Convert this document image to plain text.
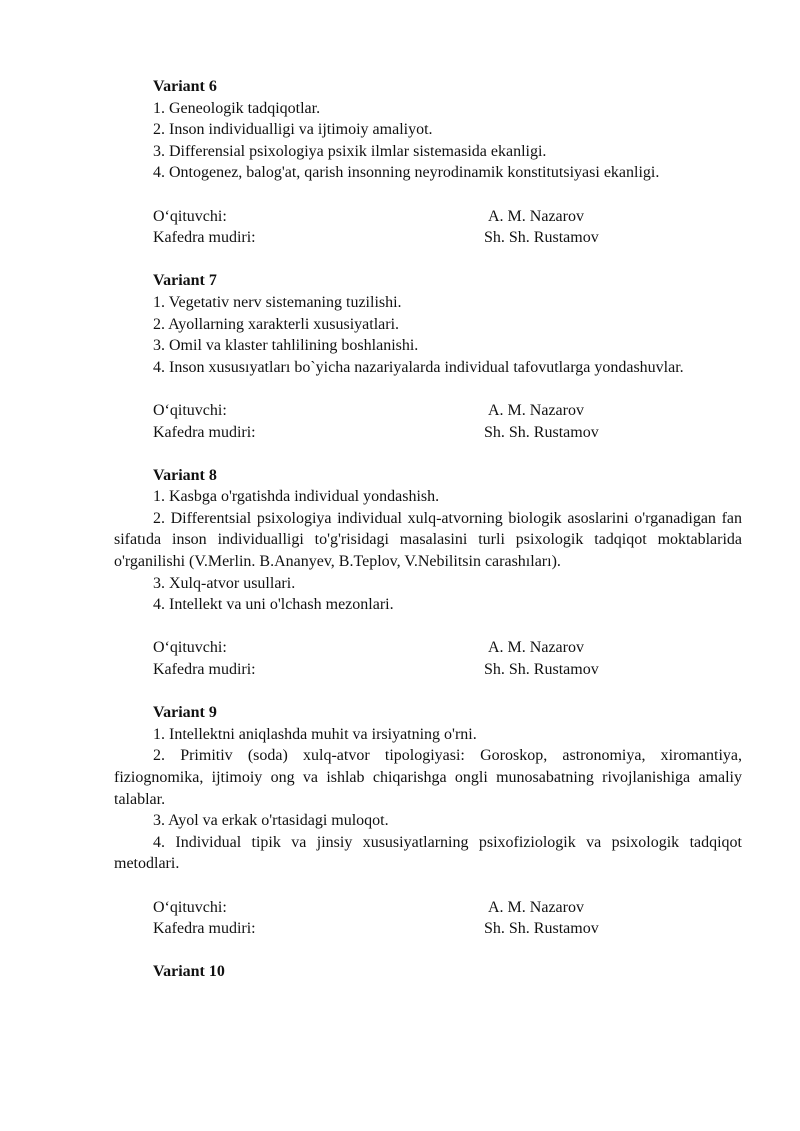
Variant 6

1. Geneologik tadqiqotlar.

2. Inson individualligi va ijtimoiy amaliyot.

3. Differensial psixologiya psixik ilmlar sistemasida ekanligi.

4. Ontogenez, balog'at, qarish insonning neyrodinamik konstitutsiyasi ekanligi.

O‘qituvchi:	A. M. Nazarov
Kafedra mudiri:	Sh. Sh. Rustamov

Variant 7

1. Vegetativ nerv sistemaning tuzilishi.

2. Ayollarning xarakterli xususiyatlari.

3. Omil va klaster tahlilining boshlanishi.

4. Inson xususıyatları bo`yicha nazariyalarda individual tafovutlarga yondashuvlar.

O‘qituvchi:	A. M. Nazarov
Kafedra mudiri:	Sh. Sh. Rustamov

Variant 8

1. Kasbga o'rgatishda individual yondashish.

2. Differentsial psixologiya individual xulq-atvorning biologik asoslarini o'rganadigan fan sifatıda inson individualligi to'g'risidagi masalasini turli psixologik tadqiqot moktablarida o'rganilishi (V.Merlin. B.Ananyev, B.Teplov, V.Nebilitsin carashıları).

3. Xulq-atvor usullari.

4. Intellekt va uni o'lchash mezonlari.

O‘qituvchi:	A. M. Nazarov
Kafedra mudiri:	Sh. Sh. Rustamov

Variant 9

1. Intellektni aniqlashda muhit va irsiyatning o'rni.

2. Primitiv (soda) xulq-atvor tipologiyasi: Goroskop, astronomiya, xiromantiya, fiziognomika, ijtimoiy ong va ishlab chiqarishga ongli munosabatning rivojlanishiga amaliy talablar.

3. Ayol va erkak o'rtasidagi muloqot.

4. Individual tipik va jinsiy xususiyatlarning psixofiziologik va psixologik tadqiqot metodlari.

O‘qituvchi:	A. M. Nazarov
Kafedra mudiri:	Sh. Sh. Rustamov

Variant 10
